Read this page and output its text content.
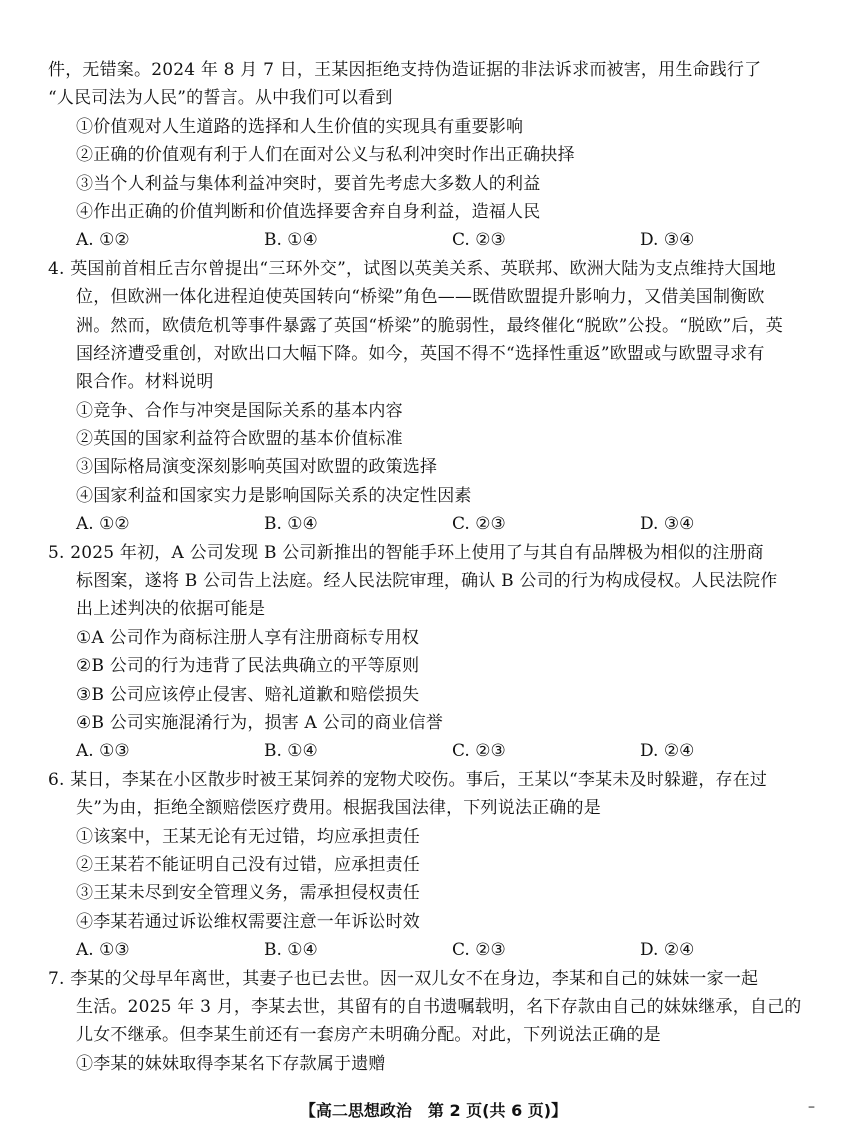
件，无错案。2024 年 8 月 7 日，王某因拒绝支持伪造证据的非法诉求而被害，用生命践行了
“人民司法为人民”的誓言。从中我们可以看到
①价值观对人生道路的选择和人生价值的实现具有重要影响
②正确的价值观有利于人们在面对公义与私利冲突时作出正确抉择
③当个人利益与集体利益冲突时，要首先考虑大多数人的利益
④作出正确的价值判断和价值选择要舍弃自身利益，造福人民
A. ①②	B. ①④	C. ②③	D. ③④
4. 英国前首相丘吉尔曾提出“三环外交”，试图以英美关系、英联邦、欧洲大陆为支点维持大国地
位，但欧洲一体化进程迫使英国转向“桥梁”角色——既借欧盟提升影响力，又借美国制衡欧
洲。然而，欧债危机等事件暴露了英国“桥梁”的脆弱性，最终催化“脱欧”公投。“脱欧”后，英
国经济遭受重创，对欧出口大幅下降。如今，英国不得不“选择性重返”欧盟或与欧盟寻求有
限合作。材料说明
①竞争、合作与冲突是国际关系的基本内容
②英国的国家利益符合欧盟的基本价值标准
③国际格局演变深刻影响英国对欧盟的政策选择
④国家利益和国家实力是影响国际关系的决定性因素
A. ①②	B. ①④	C. ②③	D. ③④
5. 2025 年初，A 公司发现 B 公司新推出的智能手环上使用了与其自有品牌极为相似的注册商
标图案，遂将 B 公司告上法庭。经人民法院审理，确认 B 公司的行为构成侵权。人民法院作
出上述判决的依据可能是
①A 公司作为商标注册人享有注册商标专用权
②B 公司的行为违背了民法典确立的平等原则
③B 公司应该停止侵害、赔礼道歉和赔偿损失
④B 公司实施混淆行为，损害 A 公司的商业信誉
A. ①③	B. ①④	C. ②③	D. ②④
6. 某日，李某在小区散步时被王某饲养的宠物犬咬伤。事后，王某以“李某未及时躲避，存在过
失”为由，拒绝全额赔偿医疗费用。根据我国法律，下列说法正确的是
①该案中，王某无论有无过错，均应承担责任
②王某若不能证明自己没有过错，应承担责任
③王某未尽到安全管理义务，需承担侵权责任
④李某若通过诉讼维权需要注意一年诉讼时效
A. ①③	B. ①④	C. ②③	D. ②④
7. 李某的父母早年离世，其妻子也已去世。因一双儿女不在身边，李某和自己的妹妹一家一起
生活。2025 年 3 月，李某去世，其留有的自书遗嘱载明，名下存款由自己的妹妹继承，自己的
儿女不继承。但李某生前还有一套房产未明确分配。对此，下列说法正确的是
①李某的妹妹取得李某名下存款属于遗赠
【高二思想政治　第 2 页(共 6 页)】	–
